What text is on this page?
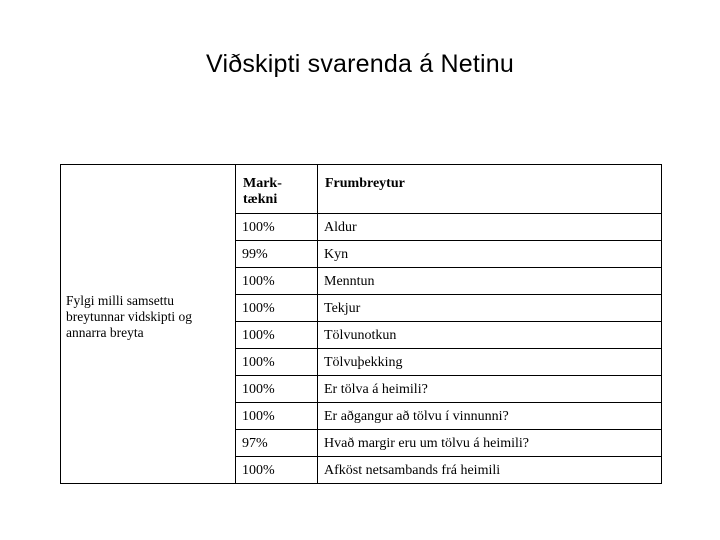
Viðskipti svarenda á Netinu
Fylgi milli samsettu breytunnar vidskipti og annarra breyta	Mark-tækni	Frumbreytur

	100%	Aldur
	99%	Kyn
	100%	Menntun
	100%	Tekjur
	100%	Tölvunotkun
	100%	Tölvuþekking
	100%	Er tölva á heimili?
	100%	Er aðgangur að tölvu í vinnunni?
	97%	Hvað margir eru um tölvu á heimili?
	100%	Afköst netsambands frá heimili
